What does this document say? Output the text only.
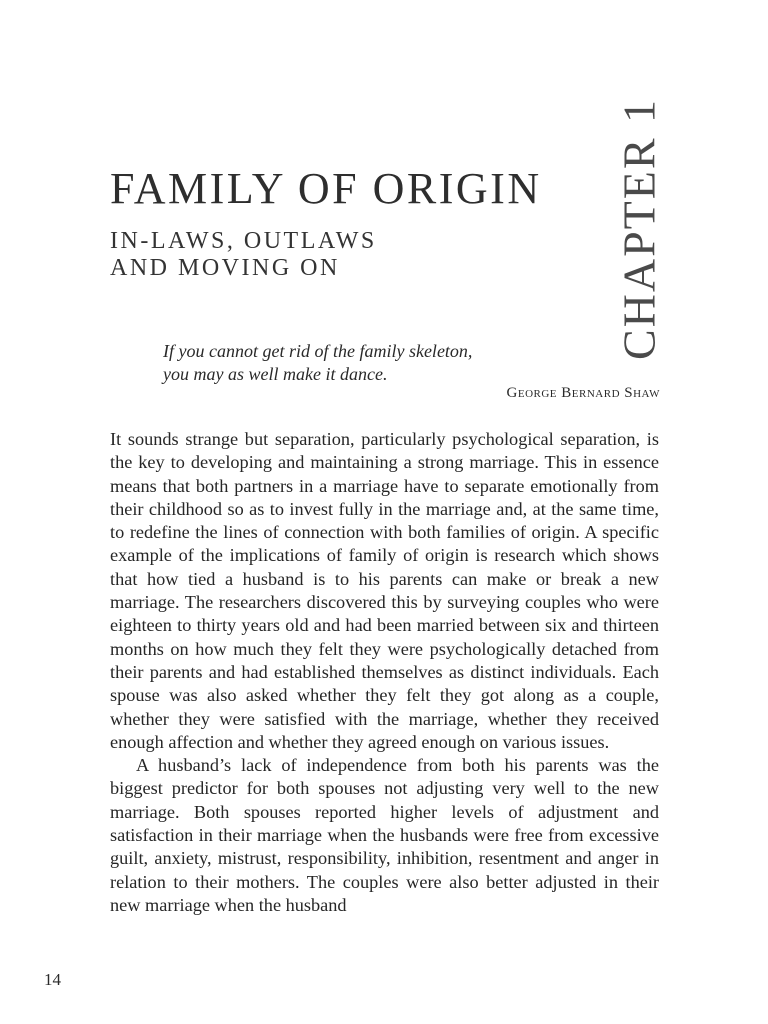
CHAPTER 1
FAMILY OF ORIGIN
IN-LAWS, OUTLAWS
AND MOVING ON
If you cannot get rid of the family skeleton,
you may as well make it dance.
George Bernard Shaw

It sounds strange but separation, particularly psychological separation, is the key to developing and maintaining a strong marriage. This in essence means that both partners in a marriage have to separate emotionally from their childhood so as to invest fully in the marriage and, at the same time, to redefine the lines of connection with both families of origin. A specific example of the implications of family of origin is research which shows that how tied a husband is to his parents can make or break a new marriage. The researchers discovered this by surveying couples who were eighteen to thirty years old and had been married between six and thirteen months on how much they felt they were psychologically detached from their parents and had established themselves as distinct individuals. Each spouse was also asked whether they felt they got along as a couple, whether they were satisfied with the marriage, whether they received enough affection and whether they agreed enough on various issues.

A husband’s lack of independence from both his parents was the biggest predictor for both spouses not adjusting very well to the new marriage. Both spouses reported higher levels of adjustment and satisfaction in their marriage when the husbands were free from excessive guilt, anxiety, mistrust, responsibility, inhibition, resentment and anger in relation to their mothers. The couples were also better adjusted in their new marriage when the husband

14
